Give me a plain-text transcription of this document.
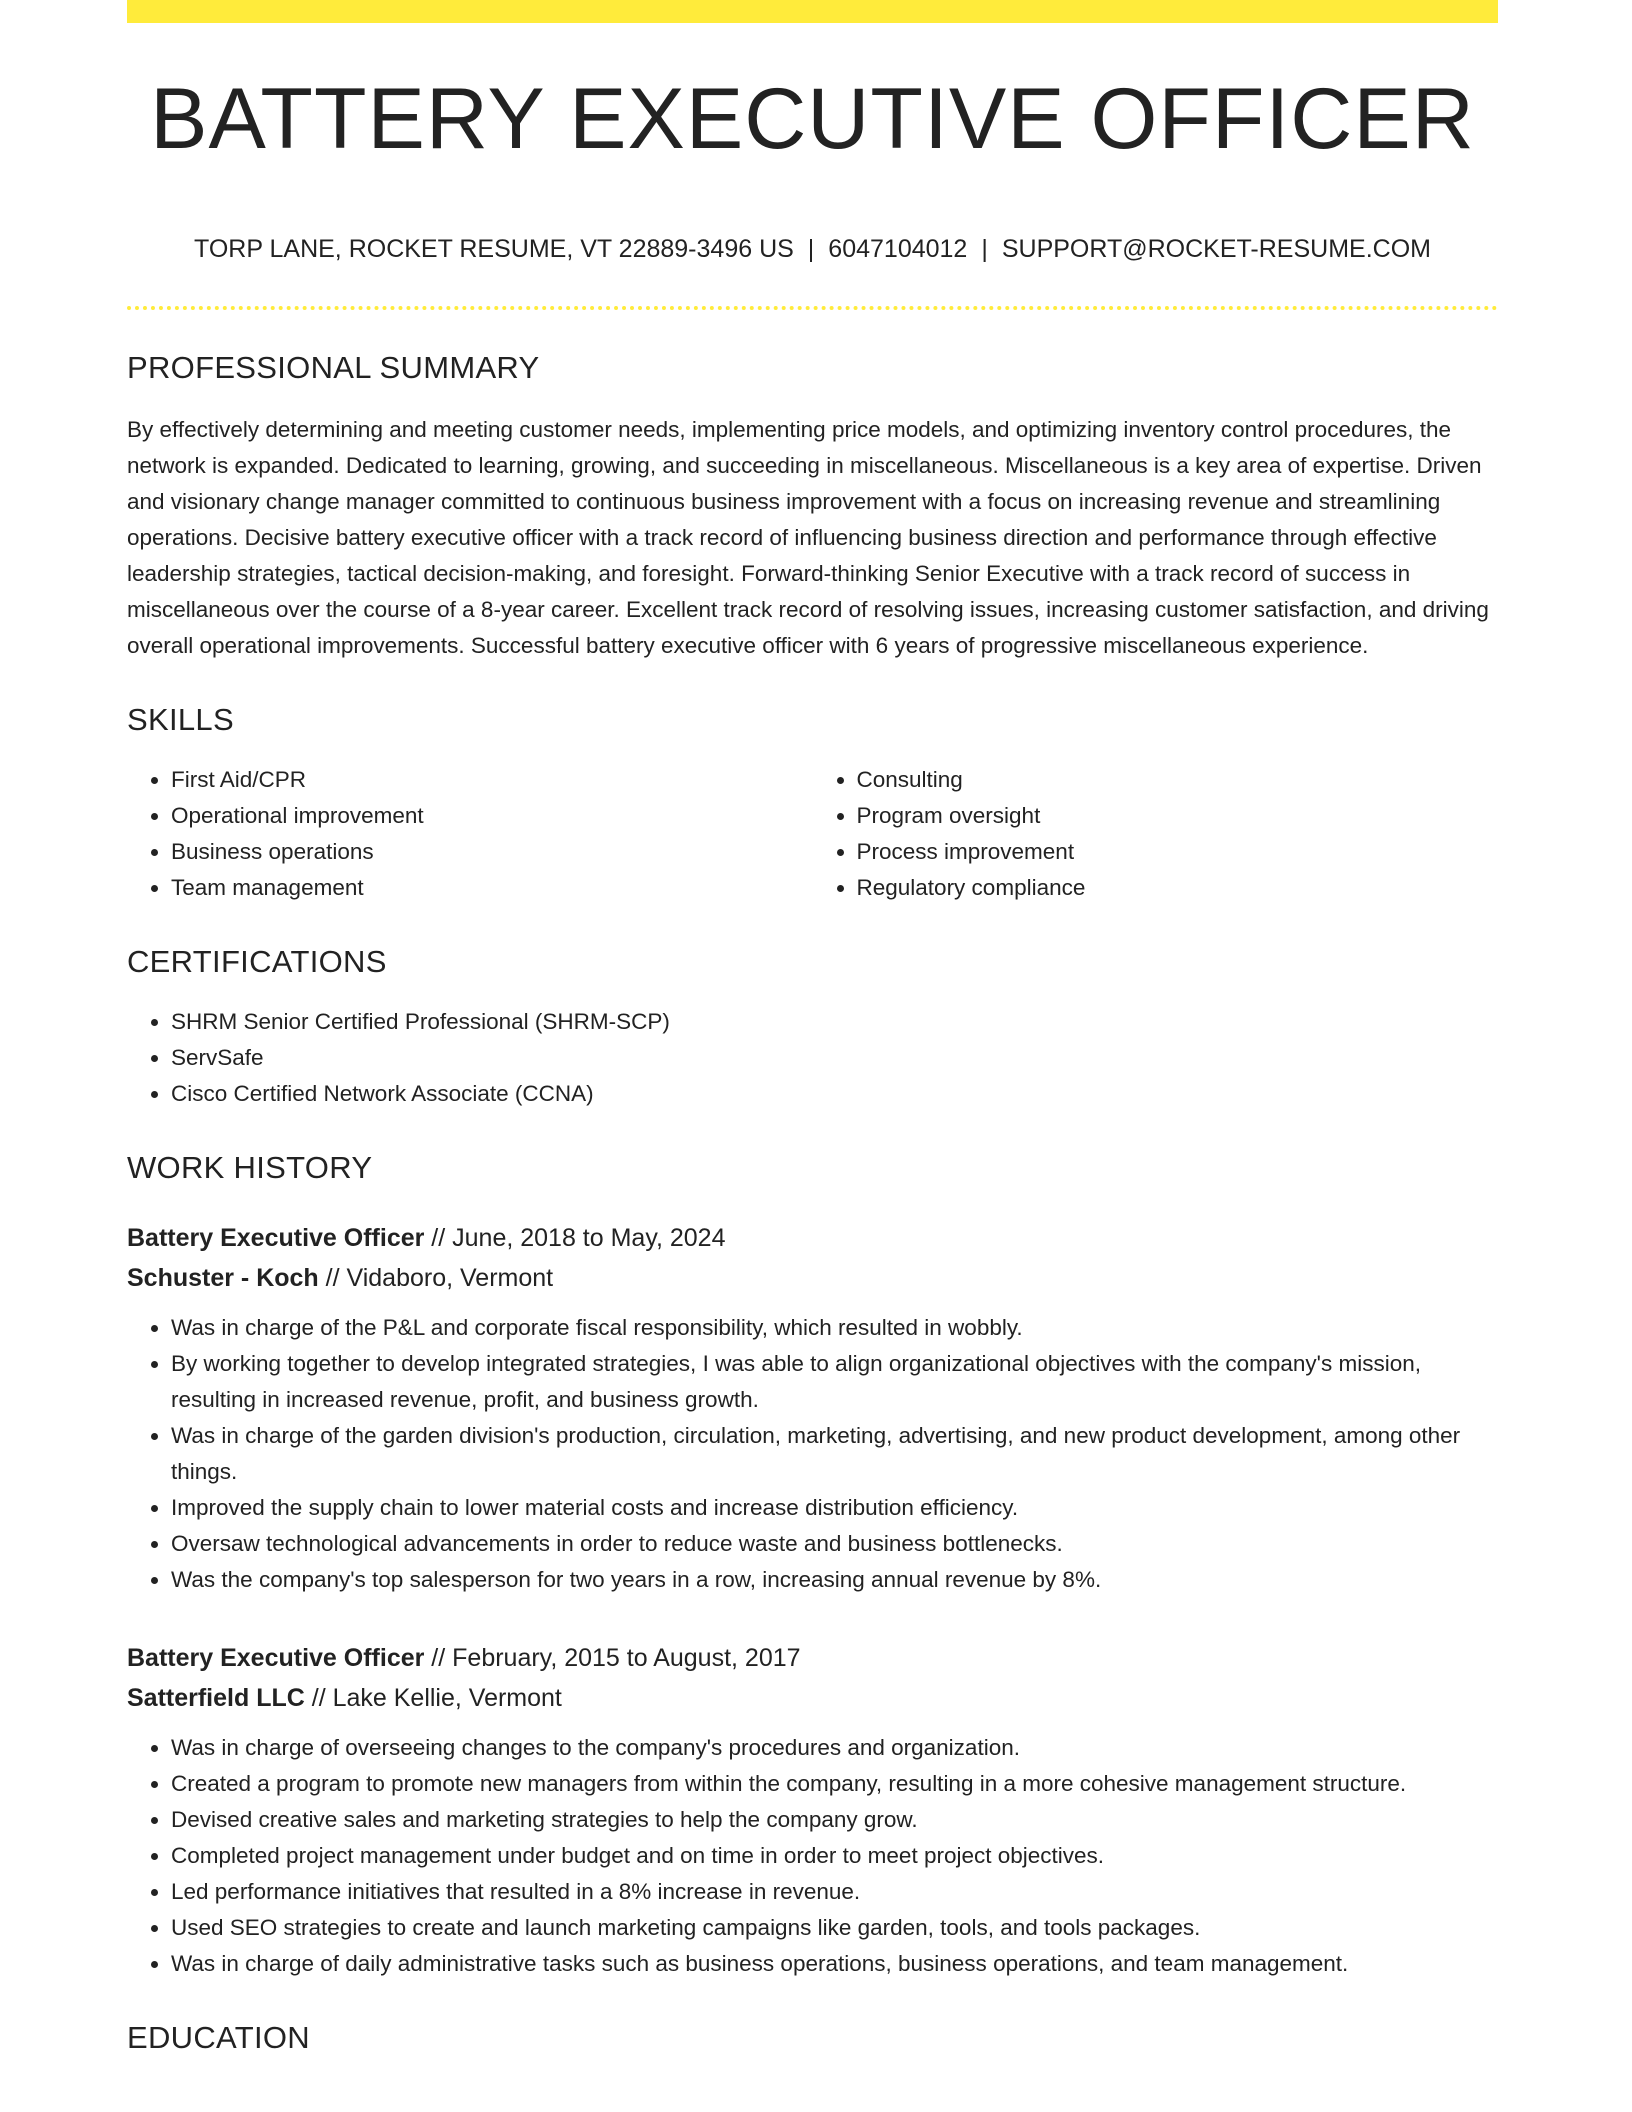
BATTERY EXECUTIVE OFFICER
TORP LANE, ROCKET RESUME, VT 22889-3496 US | 6047104012 | SUPPORT@ROCKET-RESUME.COM
PROFESSIONAL SUMMARY

By effectively determining and meeting customer needs, implementing price models, and optimizing inventory control procedures, the network is expanded. Dedicated to learning, growing, and succeeding in miscellaneous. Miscellaneous is a key area of expertise. Driven and visionary change manager committed to continuous business improvement with a focus on increasing revenue and streamlining operations. Decisive battery executive officer with a track record of influencing business direction and performance through effective leadership strategies, tactical decision-making, and foresight. Forward-thinking Senior Executive with a track record of success in miscellaneous over the course of a 8-year career. Excellent track record of resolving issues, increasing customer satisfaction, and driving overall operational improvements. Successful battery executive officer with 6 years of progressive miscellaneous experience.

SKILLS
• First Aid/CPR
• Operational improvement
• Business operations
• Team management
• Consulting
• Program oversight
• Process improvement
• Regulatory compliance
CERTIFICATIONS
• SHRM Senior Certified Professional (SHRM-SCP)
• ServSafe
• Cisco Certified Network Associate (CCNA)
WORK HISTORY
Battery Executive Officer // June, 2018 to May, 2024
Schuster - Koch // Vidaboro, Vermont
• Was in charge of the P&L and corporate fiscal responsibility, which resulted in wobbly.
• By working together to develop integrated strategies, I was able to align organizational objectives with the company's mission, resulting in increased revenue, profit, and business growth.
• Was in charge of the garden division's production, circulation, marketing, advertising, and new product development, among other things.
• Improved the supply chain to lower material costs and increase distribution efficiency.
• Oversaw technological advancements in order to reduce waste and business bottlenecks.
• Was the company's top salesperson for two years in a row, increasing annual revenue by 8%.
Battery Executive Officer // February, 2015 to August, 2017
Satterfield LLC // Lake Kellie, Vermont
• Was in charge of overseeing changes to the company's procedures and organization.
• Created a program to promote new managers from within the company, resulting in a more cohesive management structure.
• Devised creative sales and marketing strategies to help the company grow.
• Completed project management under budget and on time in order to meet project objectives.
• Led performance initiatives that resulted in a 8% increase in revenue.
• Used SEO strategies to create and launch marketing campaigns like garden, tools, and tools packages.
• Was in charge of daily administrative tasks such as business operations, business operations, and team management.
EDUCATION
